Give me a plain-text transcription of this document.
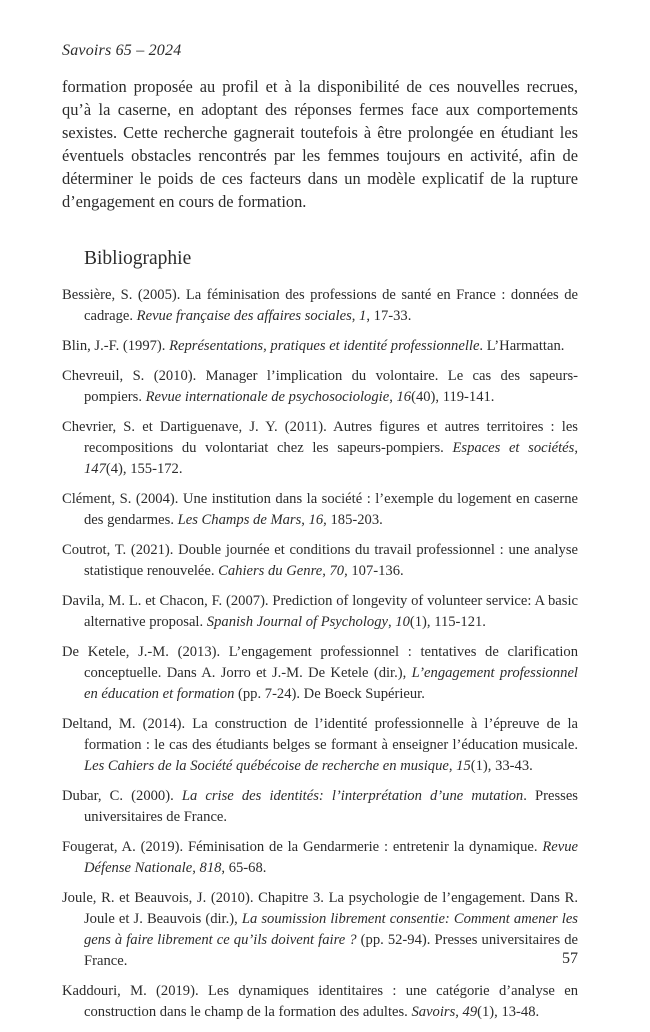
Savoirs 65 – 2024

formation proposée au profil et à la disponibilité de ces nouvelles recrues, qu’à la caserne, en adoptant des réponses fermes face aux comportements sexistes. Cette recherche gagnerait toutefois à être prolongée en étudiant les éventuels obstacles rencontrés par les femmes toujours en activité, afin de déterminer le poids de ces facteurs dans un modèle explicatif de la rupture d’engagement en cours de formation.

Bibliographie
Bessière, S. (2005). La féminisation des professions de santé en France : données de cadrage. Revue française des affaires sociales, 1, 17-33.
Blin, J.-F. (1997). Représentations, pratiques et identité professionnelle. L’Harmattan.
Chevreuil, S. (2010). Manager l’implication du volontaire. Le cas des sapeurs-pompiers. Revue internationale de psychosociologie, 16(40), 119-141.
Chevrier, S. et Dartiguenave, J. Y. (2011). Autres figures et autres territoires : les recompositions du volontariat chez les sapeurs-pompiers. Espaces et sociétés, 147(4), 155-172.
Clément, S. (2004). Une institution dans la société : l’exemple du logement en caserne des gendarmes. Les Champs de Mars, 16, 185-203.
Coutrot, T. (2021). Double journée et conditions du travail professionnel : une analyse statistique renouvelée. Cahiers du Genre, 70, 107-136.
Davila, M. L. et Chacon, F. (2007). Prediction of longevity of volunteer service: A basic alternative proposal. Spanish Journal of Psychology, 10(1), 115-121.
De Ketele, J.-M. (2013). L’engagement professionnel : tentatives de clarification conceptuelle. Dans A. Jorro et J.-M. De Ketele (dir.), L’engagement professionnel en éducation et formation (pp. 7-24). De Boeck Supérieur.
Deltand, M. (2014). La construction de l’identité professionnelle à l’épreuve de la formation : le cas des étudiants belges se formant à enseigner l’éducation musicale. Les Cahiers de la Société québécoise de recherche en musique, 15(1), 33-43.
Dubar, C. (2000). La crise des identités: l’interprétation d’une mutation. Presses universitaires de France.
Fougerat, A. (2019). Féminisation de la Gendarmerie : entretenir la dynamique. Revue Défense Nationale, 818, 65-68.
Joule, R. et Beauvois, J. (2010). Chapitre 3. La psychologie de l’engagement. Dans R. Joule et J. Beauvois (dir.), La soumission librement consentie: Comment amener les gens à faire librement ce qu’ils doivent faire ? (pp. 52-94). Presses universitaires de France.
Kaddouri, M. (2019). Les dynamiques identitaires : une catégorie d’analyse en construction dans le champ de la formation des adultes. Savoirs, 49(1), 13-48.
57
